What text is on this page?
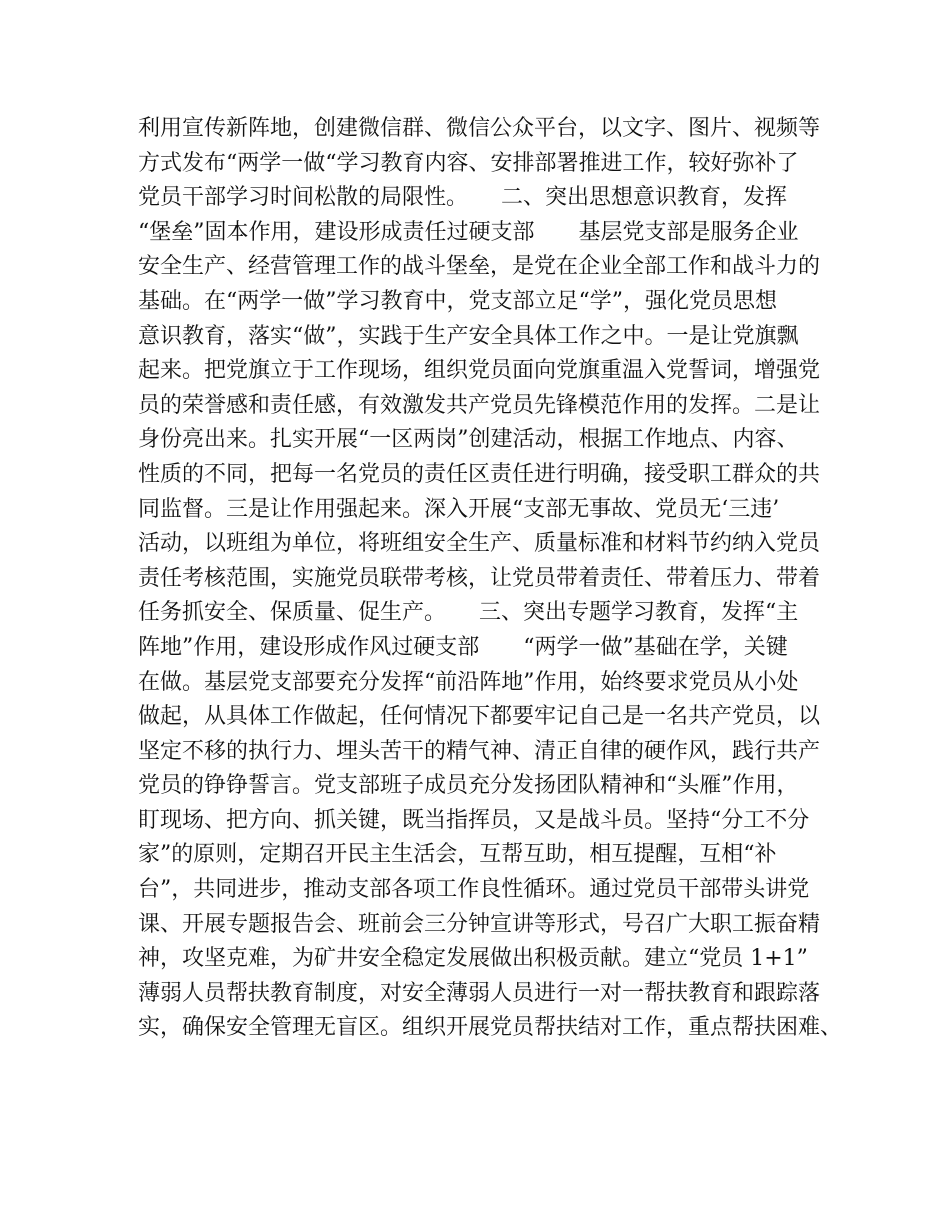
利用宣传新阵地，创建微信群、微信公众平台，以文字、图片、视频等
方式发布“两学一做“学习教育内容、安排部署推进工作，较好弥补了
党员干部学习时间松散的局限性。　　二、突出思想意识教育，发挥
“堡垒”固本作用，建设形成责任过硬支部　　基层党支部是服务企业
安全生产、经营管理工作的战斗堡垒，是党在企业全部工作和战斗力的
基础。在“两学一做”学习教育中，党支部立足“学”，强化党员思想
意识教育，落实“做”，实践于生产安全具体工作之中。一是让党旗飘
起来。把党旗立于工作现场，组织党员面向党旗重温入党誓词，增强党
员的荣誉感和责任感，有效激发共产党员先锋模范作用的发挥。二是让
身份亮出来。扎实开展“一区两岗”创建活动，根据工作地点、内容、
性质的不同，把每一名党员的责任区责任进行明确，接受职工群众的共
同监督。三是让作用强起来。深入开展“支部无事故、党员无‘三违’
活动，以班组为单位，将班组安全生产、质量标准和材料节约纳入党员
责任考核范围，实施党员联带考核，让党员带着责任、带着压力、带着
任务抓安全、保质量、促生产。　　三、突出专题学习教育，发挥“主
阵地”作用，建设形成作风过硬支部　　“两学一做”基础在学，关键
在做。基层党支部要充分发挥“前沿阵地”作用，始终要求党员从小处
做起，从具体工作做起，任何情况下都要牢记自己是一名共产党员，以
坚定不移的执行力、埋头苦干的精气神、清正自律的硬作风，践行共产
党员的铮铮誓言。党支部班子成员充分发扬团队精神和“头雁”作用，
盯现场、把方向、抓关键，既当指挥员，又是战斗员。坚持“分工不分
家”的原则，定期召开民主生活会，互帮互助，相互提醒，互相“补
台”，共同进步，推动支部各项工作良性循环。通过党员干部带头讲党
课、开展专题报告会、班前会三分钟宣讲等形式，号召广大职工振奋精
神，攻坚克难，为矿井安全稳定发展做出积极贡献。建立“党员 1+1”
薄弱人员帮扶教育制度，对安全薄弱人员进行一对一帮扶教育和跟踪落
实，确保安全管理无盲区。组织开展党员帮扶结对工作，重点帮扶困难、
